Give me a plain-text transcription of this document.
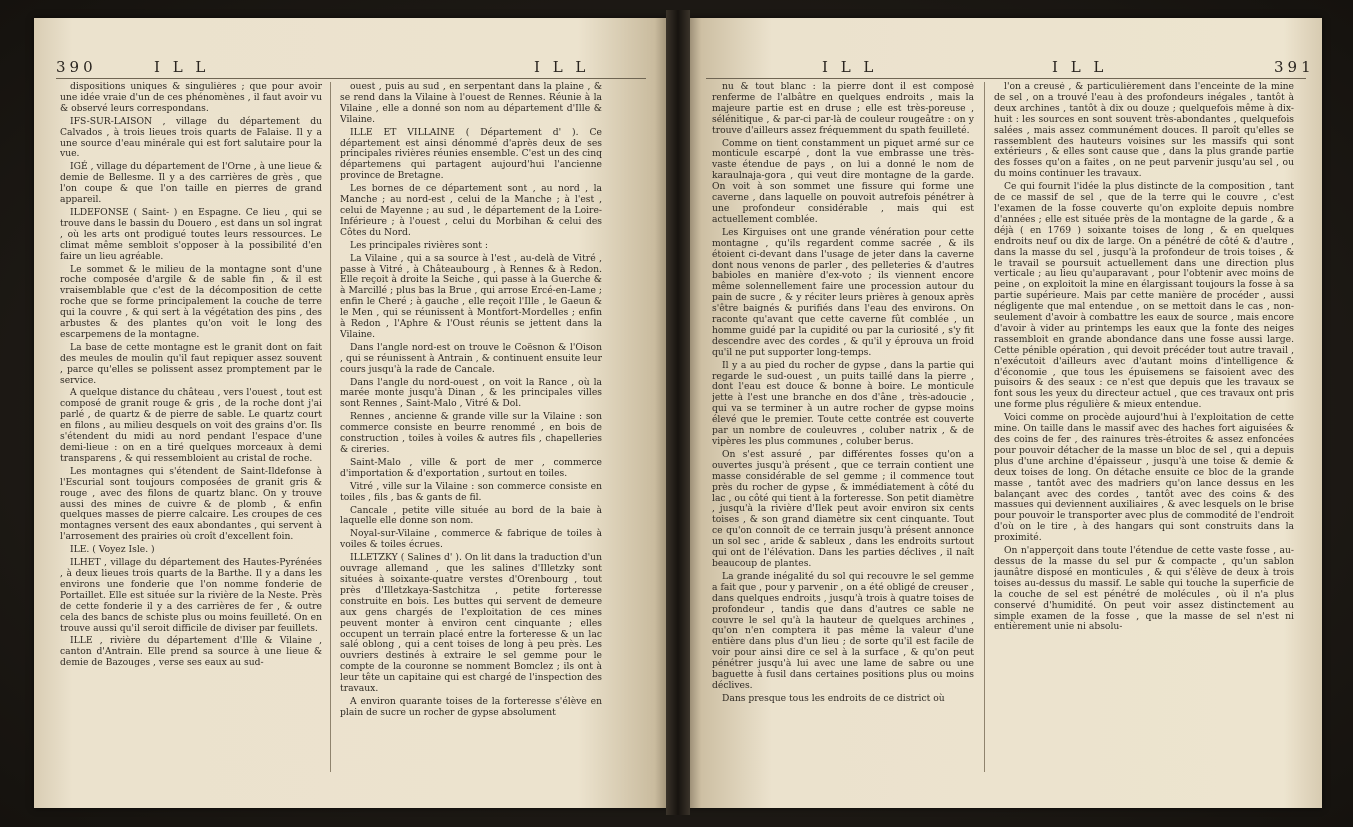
390	I L L	I L L

dispositions uniques & singulières ; que pour avoir une idée vraie d'un de ces phénomènes , il faut avoir vu & observé leurs correspondans.

IFS-SUR-LAISON , village du département du Calvados , à trois lieues trois quarts de Falaise. Il y a une source d'eau minérale qui est fort salutaire pour la vue.

IGÉ , village du département de l'Orne , à une lieue & demie de Bellesme. Il y a des carrières de grès , que l'on coupe & que l'on taille en pierres de grand appareil.

ILDEFONSE ( Saint- ) en Espagne. Ce lieu , qui se trouve dans le bassin du Douero , est dans un sol ingrat , où les arts ont prodigué toutes leurs ressources. Le climat même sembloit s'opposer à la possibilité d'en faire un lieu agréable.

Le sommet & le milieu de la montagne sont d'une roche composée d'argile & de sable fin , & il est vraisemblable que c'est de la décomposition de cette roche que se forme principalement la couche de terre qui la couvre , & qui sert à la végétation des pins , des arbustes & des plantes qu'on voit le long des escarpemens de la montagne.

La base de cette montagne est le granit dont on fait des meules de moulin qu'il faut repiquer assez souvent , parce qu'elles se polissent assez promptement par le service.

A quelque distance du château , vers l'ouest , tout est composé de granit rouge & gris , de la roche dont j'ai parlé , de quartz & de pierre de sable. Le quartz court en filons , au milieu desquels on voit des grains d'or. Ils s'étendent du midi au nord pendant l'espace d'une demi-lieue : on en a tiré quelques morceaux à demi transparens , & qui ressembloient au cristal de roche.

Les montagnes qui s'étendent de Saint-Ildefonse à l'Escurial sont toujours composées de granit gris & rouge , avec des filons de quartz blanc. On y trouve aussi des mines de cuivre & de plomb , & enfin quelques masses de pierre calcaire. Les croupes de ces montagnes versent des eaux abondantes , qui servent à l'arrosement des prairies où croît d'excellent foin.

ILE. ( Voyez Isle. )

ILHET , village du département des Hautes-Pyrénées , à deux lieues trois quarts de la Barthe. Il y a dans les environs une fonderie que l'on nomme fonderie de Portaillet. Elle est située sur la rivière de la Neste. Près de cette fonderie il y a des carrières de fer , & outre cela des bancs de schiste plus ou moins feuilleté. On en trouve aussi qu'il seroit difficile de diviser par feuillets.

ILLE , rivière du département d'Ille & Vilaine , canton d'Antrain. Elle prend sa source à une lieue & demie de Bazouges , verse ses eaux au sud-

ouest , puis au sud , en serpentant dans la plaine , & se rend dans la Vilaine à l'ouest de Rennes. Réunie à la Vilaine , elle a donné son nom au département d'Ille & Vilaine.

ILLE ET VILLAINE ( Département d' ). Ce département est ainsi dénommé d'après deux de ses principales rivières réunies ensemble. C'est un des cinq départemens qui partagent aujourd'hui l'ancienne province de Bretagne.

Les bornes de ce département sont , au nord , la Manche ; au nord-est , celui de la Manche ; à l'est , celui de Mayenne ; au sud , le département de la Loire-Inférieure ; à l'ouest , celui du Morbihan & celui des Côtes du Nord.

Les principales rivières sont :

La Vilaine , qui a sa source à l'est , au-delà de Vitré , passe à Vitré , à Châteaubourg , à Rennes & à Redon. Elle reçoit à droite la Seiche , qui passe à la Guerche & à Marcillé ; plus bas la Brue , qui arrose Ercé-en-Lame ; enfin le Cheré ; à gauche , elle reçoit l'Ille , le Gaeun & le Men , qui se réunissent à Montfort-Mordelles ; enfin à Redon , l'Aphre & l'Oust réunis se jettent dans la Vilaine.

Dans l'angle nord-est on trouve le Coësnon & l'Oison , qui se réunissent à Antrain , & continuent ensuite leur cours jusqu'à la rade de Cancale.

Dans l'angle du nord-ouest , on voit la Rance , où la marée monte jusqu'à Dinan , & les principales villes sont Rennes , Saint-Malo , Vitré & Dol.

Rennes , ancienne & grande ville sur la Vilaine : son commerce consiste en beurre renommé , en bois de construction , toiles à voiles & autres fils , chapelleries & cireries.

Saint-Malo , ville & port de mer , commerce d'importation & d'exportation , surtout en toiles.

Vitré , ville sur la Vilaine : son commerce consiste en toiles , fils , bas & gants de fil.

Cancale , petite ville située au bord de la baie à laquelle elle donne son nom.

Noyal-sur-Vilaine , commerce & fabrique de toiles à voiles & toiles écrues.

ILLETZKY ( Salines d' ). On lit dans la traduction d'un ouvrage allemand , que les salines d'Illetzky sont situées à soixante-quatre verstes d'Orenbourg , tout près d'Illetzkaya-Sastchitza , petite forteresse construite en bois. Les buttes qui servent de demeure aux gens chargés de l'exploitation de ces mines peuvent monter à environ cent cinquante ; elles occupent un terrain placé entre la forteresse & un lac salé oblong , qui a cent toises de long à peu près. Les ouvriers destinés à extraire le sel gemme pour le compte de la couronne se nomment Bomclez ; ils ont à leur tête un capitaine qui est chargé de l'inspection des travaux.

A environ quarante toises de la forteresse s'élève en plain de sucre un rocher de gypse absolument

I L L	I L L	391

nu & tout blanc : la pierre dont il est composé renferme de l'albâtre en quelques endroits , mais la majeure partie est en druse ; elle est très-poreuse , sélénitique , & par-ci par-là de couleur rougeâtre : on y trouve d'ailleurs assez fréquemment du spath feuilleté.

Comme on tient constamment un piquet armé sur ce monticule escarpé , dont la vue embrasse une très-vaste étendue de pays , on lui a donné le nom de karaulnaja-gora , qui veut dire montagne de la garde. On voit à son sommet une fissure qui forme une caverne , dans laquelle on pouvoit autrefois pénétrer à une profondeur considérable , mais qui est actuellement comblée.

Les Kirguises ont une grande vénération pour cette montagne , qu'ils regardent comme sacrée , & ils étoient ci-devant dans l'usage de jeter dans la caverne dont nous venons de parler , des pelleteries & d'autres babioles en manière d'ex-voto ; ils viennent encore même solennellement faire une procession autour du pain de sucre , & y réciter leurs prières à genoux après s'être baignés & purifiés dans l'eau des environs. On raconte qu'avant que cette caverne fût comblée , un homme guidé par la cupidité ou par la curiosité , s'y fit descendre avec des cordes , & qu'il y éprouva un froid qu'il ne put supporter long-temps.

Il y a au pied du rocher de gypse , dans la partie qui regarde le sud-ouest , un puits taillé dans la pierre , dont l'eau est douce & bonne à boire. Le monticule jette à l'est une branche en dos d'âne , très-adoucie , qui va se terminer à un autre rocher de gypse moins élevé que le premier. Toute cette contrée est couverte par un nombre de couleuvres , coluber natrix , & de vipères les plus communes , coluber berus.

On s'est assuré , par différentes fosses qu'on a ouvertes jusqu'à présent , que ce terrain contient une masse considérable de sel gemme ; il commence tout près du rocher de gypse , & immédiatement à côté du lac , ou côté qui tient à la forteresse. Son petit diamètre , jusqu'à la rivière d'Ilek peut avoir environ six cents toises , & son grand diamètre six cent cinquante. Tout ce qu'on connoît de ce terrain jusqu'à présent annonce un sol sec , aride & sableux , dans les endroits surtout qui ont de l'élévation. Dans les parties déclives , il naît beaucoup de plantes.

La grande inégalité du sol qui recouvre le sel gemme a fait que , pour y parvenir , on a été obligé de creuser , dans quelques endroits , jusqu'à trois à quatre toises de profondeur , tandis que dans d'autres ce sable ne couvre le sel qu'à la hauteur de quelques archines , qu'on n'en comptera it pas même la valeur d'une entière dans plus d'un lieu ; de sorte qu'il est facile de voir pour ainsi dire ce sel à la surface , & qu'on peut pénétrer jusqu'à lui avec une lame de sabre ou une baguette à fusil dans certaines positions plus ou moins déclives.

Dans presque tous les endroits de ce district où

l'on a creusé , & particulièrement dans l'enceinte de la mine de sel , on a trouvé l'eau à des profondeurs inégales , tantôt à deux archines , tantôt à dix ou douze ; quelquefois même à dix-huit : les sources en sont souvent très-abondantes , quelquefois salées , mais assez communément douces. Il paroît qu'elles se rassemblent des hauteurs voisines sur les massifs qui sont extérieurs , & elles sont cause que , dans la plus grande partie des fosses qu'on a faites , on ne peut parvenir jusqu'au sel , ou du moins continuer les travaux.

Ce qui fournit l'idée la plus distincte de la composition , tant de ce massif de sel , que de la terre qui le couvre , c'est l'examen de la fosse couverte qu'on exploite depuis nombre d'années ; elle est située près de la montagne de la garde , & a déjà ( en 1769 ) soixante toises de long , & en quelques endroits neuf ou dix de large. On a pénétré de côté & d'autre , dans la masse du sel , jusqu'à la profondeur de trois toises , & le travail se poursuit actuellement dans une direction plus verticale ; au lieu qu'auparavant , pour l'obtenir avec moins de peine , on exploitoit la mine en élargissant toujours la fosse à sa partie supérieure. Mais par cette manière de procéder , aussi négligente que mal entendue , on se mettoit dans le cas , non-seulement d'avoir à combattre les eaux de source , mais encore d'avoir à vider au printemps les eaux que la fonte des neiges rassembloit en grande abondance dans une fosse aussi large. Cette pénible opération , qui devoit précéder tout autre travail , n'exécutoit d'ailleurs avec d'autant moins d'intelligence & d'économie , que tous les épuisemens se faisoient avec des puisoirs & des seaux : ce n'est que depuis que les travaux se font sous les yeux du directeur actuel , que ces travaux ont pris une forme plus régulière & mieux entendue.

Voici comme on procède aujourd'hui à l'exploitation de cette mine. On taille dans le massif avec des haches fort aiguisées & des coins de fer , des rainures très-étroites & assez enfoncées pour pouvoir détacher de la masse un bloc de sel , qui a depuis plus d'une archine d'épaisseur , jusqu'à une toise & demie & deux toises de long. On détache ensuite ce bloc de la grande masse , tantôt avec des madriers qu'on lance dessus en les balançant avec des cordes , tantôt avec des coins & des massues qui deviennent auxiliaires , & avec lesquels on le brise pour pouvoir le transporter avec plus de commodité de l'endroit d'où on le tire , à des hangars qui sont construits dans la proximité.

On n'apperçoit dans toute l'étendue de cette vaste fosse , au-dessus de la masse du sel pur & compacte , qu'un sablon jaunâtre disposé en monticules , & qui s'élève de deux à trois toises au-dessus du massif. Le sable qui touche la superficie de la couche de sel est pénétré de molécules , où il n'a plus conservé d'humidité. On peut voir assez distinctement au simple examen de la fosse , que la masse de sel n'est ni entièrement unie ni absolu-
